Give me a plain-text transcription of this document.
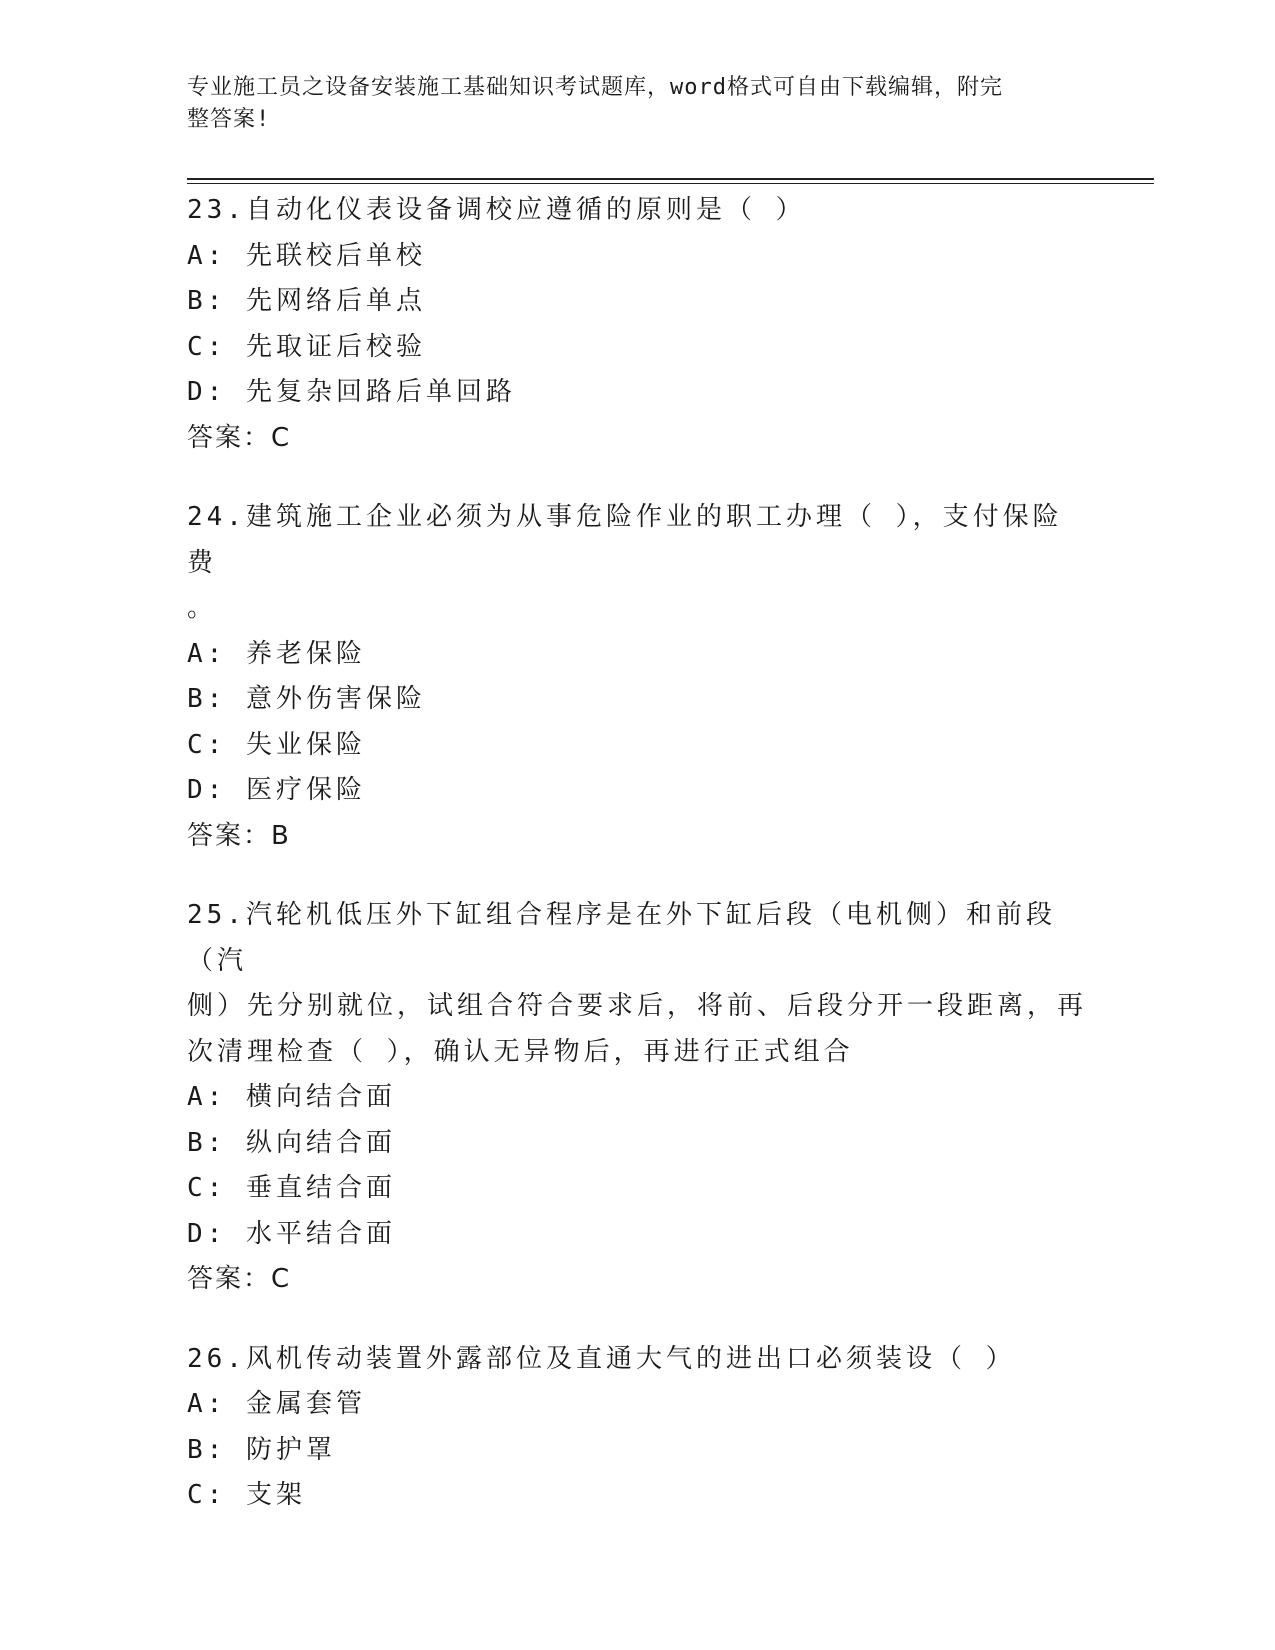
专业施工员之设备安装施工基础知识考试题库，word格式可自由下载编辑，附完
整答案!
23.自动化仪表设备调校应遵循的原则是（ ）
A: 先联校后单校
B: 先网络后单点
C: 先取证后校验
D: 先复杂回路后单回路
答案：C
24.建筑施工企业必须为从事危险作业的职工办理（ ），支付保险费
。
A: 养老保险
B: 意外伤害保险
C: 失业保险
D: 医疗保险
答案：B
25.汽轮机低压外下缸组合程序是在外下缸后段（电机侧）和前段（汽
侧）先分别就位，试组合符合要求后，将前、后段分开一段距离，再
次清理检查（ ），确认无异物后，再进行正式组合
A: 横向结合面
B: 纵向结合面
C: 垂直结合面
D: 水平结合面
答案：C
26.风机传动装置外露部位及直通大气的进出口必须装设（ ）
A: 金属套管
B: 防护罩
C: 支架
